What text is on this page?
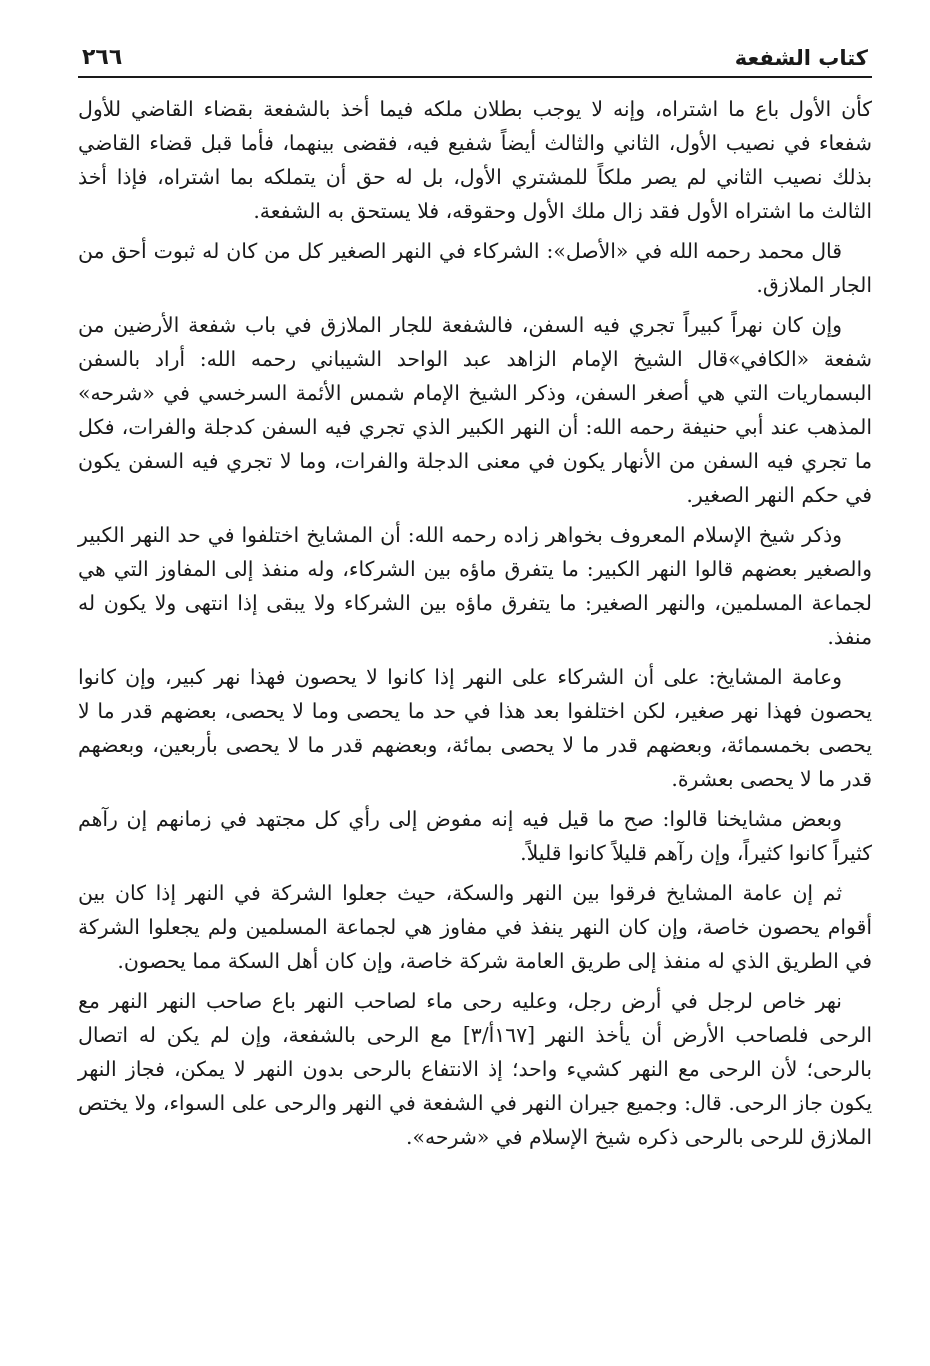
كتاب الشفعة
٢٦٦

كأن الأول باع ما اشتراه، وإنه لا يوجب بطلان ملكه فيما أخذ بالشفعة بقضاء القاضي للأول شفعاء في نصيب الأول، الثاني والثالث أيضاً شفيع فيه، فقضى بينهما، فأما قبل قضاء القاضي بذلك نصيب الثاني لم يصر ملكاً للمشتري الأول، بل له حق أن يتملكه بما اشتراه، فإذا أخذ الثالث ما اشتراه الأول فقد زال ملك الأول وحقوقه، فلا يستحق به الشفعة.

قال محمد رحمه الله في «الأصل»: الشركاء في النهر الصغير كل من كان له ثبوت أحق من الجار الملازق.

وإن كان نهراً كبيراً تجري فيه السفن، فالشفعة للجار الملازق في باب شفعة الأرضين من شفعة «الكافي»قال الشيخ الإمام الزاهد عبد الواحد الشيباني رحمه الله: أراد بالسفن البسماريات التي هي أصغر السفن، وذكر الشيخ الإمام شمس الأئمة السرخسي في «شرحه» المذهب عند أبي حنيفة رحمه الله: أن النهر الكبير الذي تجري فيه السفن كدجلة والفرات، فكل ما تجري فيه السفن من الأنهار يكون في معنى الدجلة والفرات، وما لا تجري فيه السفن يكون في حكم النهر الصغير.

وذكر شيخ الإسلام المعروف بخواهر زاده رحمه الله: أن المشايخ اختلفوا في حد النهر الكبير والصغير بعضهم قالوا النهر الكبير: ما يتفرق ماؤه بين الشركاء، وله منفذ إلى المفاوز التي هي لجماعة المسلمين، والنهر الصغير: ما يتفرق ماؤه بين الشركاء ولا يبقى إذا انتهى ولا يكون له منفذ.

وعامة المشايخ: على أن الشركاء على النهر إذا كانوا لا يحصون فهذا نهر كبير، وإن كانوا يحصون فهذا نهر صغير، لكن اختلفوا بعد هذا في حد ما يحصى وما لا يحصى، بعضهم قدر ما لا يحصى بخمسمائة، وبعضهم قدر ما لا يحصى بمائة، وبعضهم قدر ما لا يحصى بأربعين، وبعضهم قدر ما لا يحصى بعشرة.

وبعض مشايخنا قالوا: صح ما قيل فيه إنه مفوض إلى رأي كل مجتهد في زمانهم إن رآهم كثيراً كانوا كثيراً، وإن رآهم قليلاً كانوا قليلاً.

ثم إن عامة المشايخ فرقوا بين النهر والسكة، حيث جعلوا الشركة في النهر إذا كان بين أقوام يحصون خاصة، وإن كان النهر ينفذ في مفاوز هي لجماعة المسلمين ولم يجعلوا الشركة في الطريق الذي له منفذ إلى طريق العامة شركة خاصة، وإن كان أهل السكة مما يحصون.

نهر خاص لرجل في أرض رجل، وعليه رحى ماء لصاحب النهر باع صاحب النهر النهر مع الرحى فلصاحب الأرض أن يأخذ النهر [١٦٧أ/٣] مع الرحى بالشفعة، وإن لم يكن له اتصال بالرحى؛ لأن الرحى مع النهر كشيء واحد؛ إذ الانتفاع بالرحى بدون النهر لا يمكن، فجاز النهر يكون جاز الرحى. قال: وجميع جيران النهر في الشفعة في النهر والرحى على السواء، ولا يختص الملازق للرحى بالرحى ذكره شيخ الإسلام في «شرحه».
